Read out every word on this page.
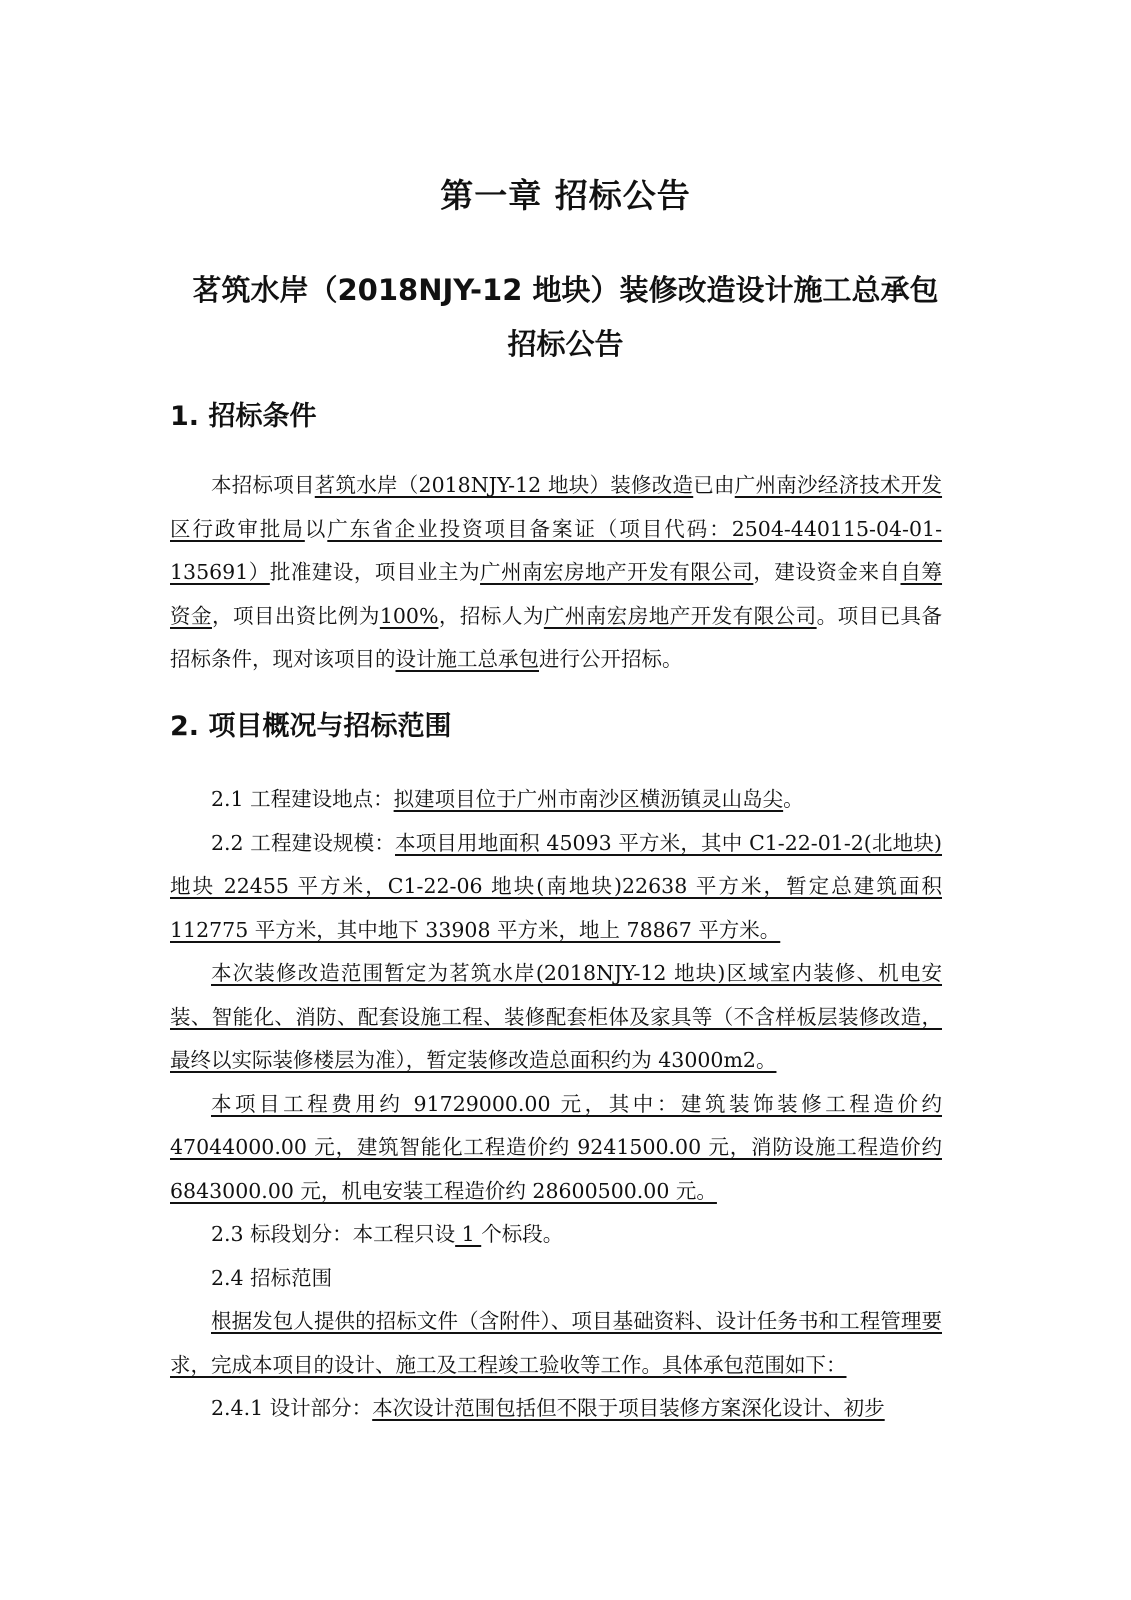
第一章 招标公告
茗筑水岸（2018NJY-12 地块）装修改造设计施工总承包
招标公告
1. 招标条件

本招标项目茗筑水岸（2018NJY-12 地块）装修改造已由广州南沙经济技术开发区行政审批局以广东省企业投资项目备案证（项目代码：2504-440115-04-01-135691）批准建设，项目业主为广州南宏房地产开发有限公司，建设资金来自自筹资金，项目出资比例为100%，招标人为广州南宏房地产开发有限公司。项目已具备招标条件，现对该项目的设计施工总承包进行公开招标。

2. 项目概况与招标范围

2.1 工程建设地点：拟建项目位于广州市南沙区横沥镇灵山岛尖。

2.2 工程建设规模：本项目用地面积 45093 平方米，其中 C1-22-01-2(北地块)地块 22455 平方米，C1-22-06 地块(南地块)22638 平方米，暂定总建筑面积 112775 平方米，其中地下 33908 平方米，地上 78867 平方米。

本次装修改造范围暂定为茗筑水岸(2018NJY-12 地块)区域室内装修、机电安装、智能化、消防、配套设施工程、装修配套柜体及家具等（不含样板层装修改造，最终以实际装修楼层为准），暂定装修改造总面积约为 43000m2。

本项目工程费用约 91729000.00 元，其中：建筑装饰装修工程造价约 47044000.00 元，建筑智能化工程造价约 9241500.00 元，消防设施工程造价约 6843000.00 元，机电安装工程造价约 28600500.00 元。

2.3 标段划分：本工程只设 1 个标段。

2.4 招标范围

根据发包人提供的招标文件（含附件）、项目基础资料、设计任务书和工程管理要求，完成本项目的设计、施工及工程竣工验收等工作。具体承包范围如下：

2.4.1 设计部分：本次设计范围包括但不限于项目装修方案深化设计、初步
